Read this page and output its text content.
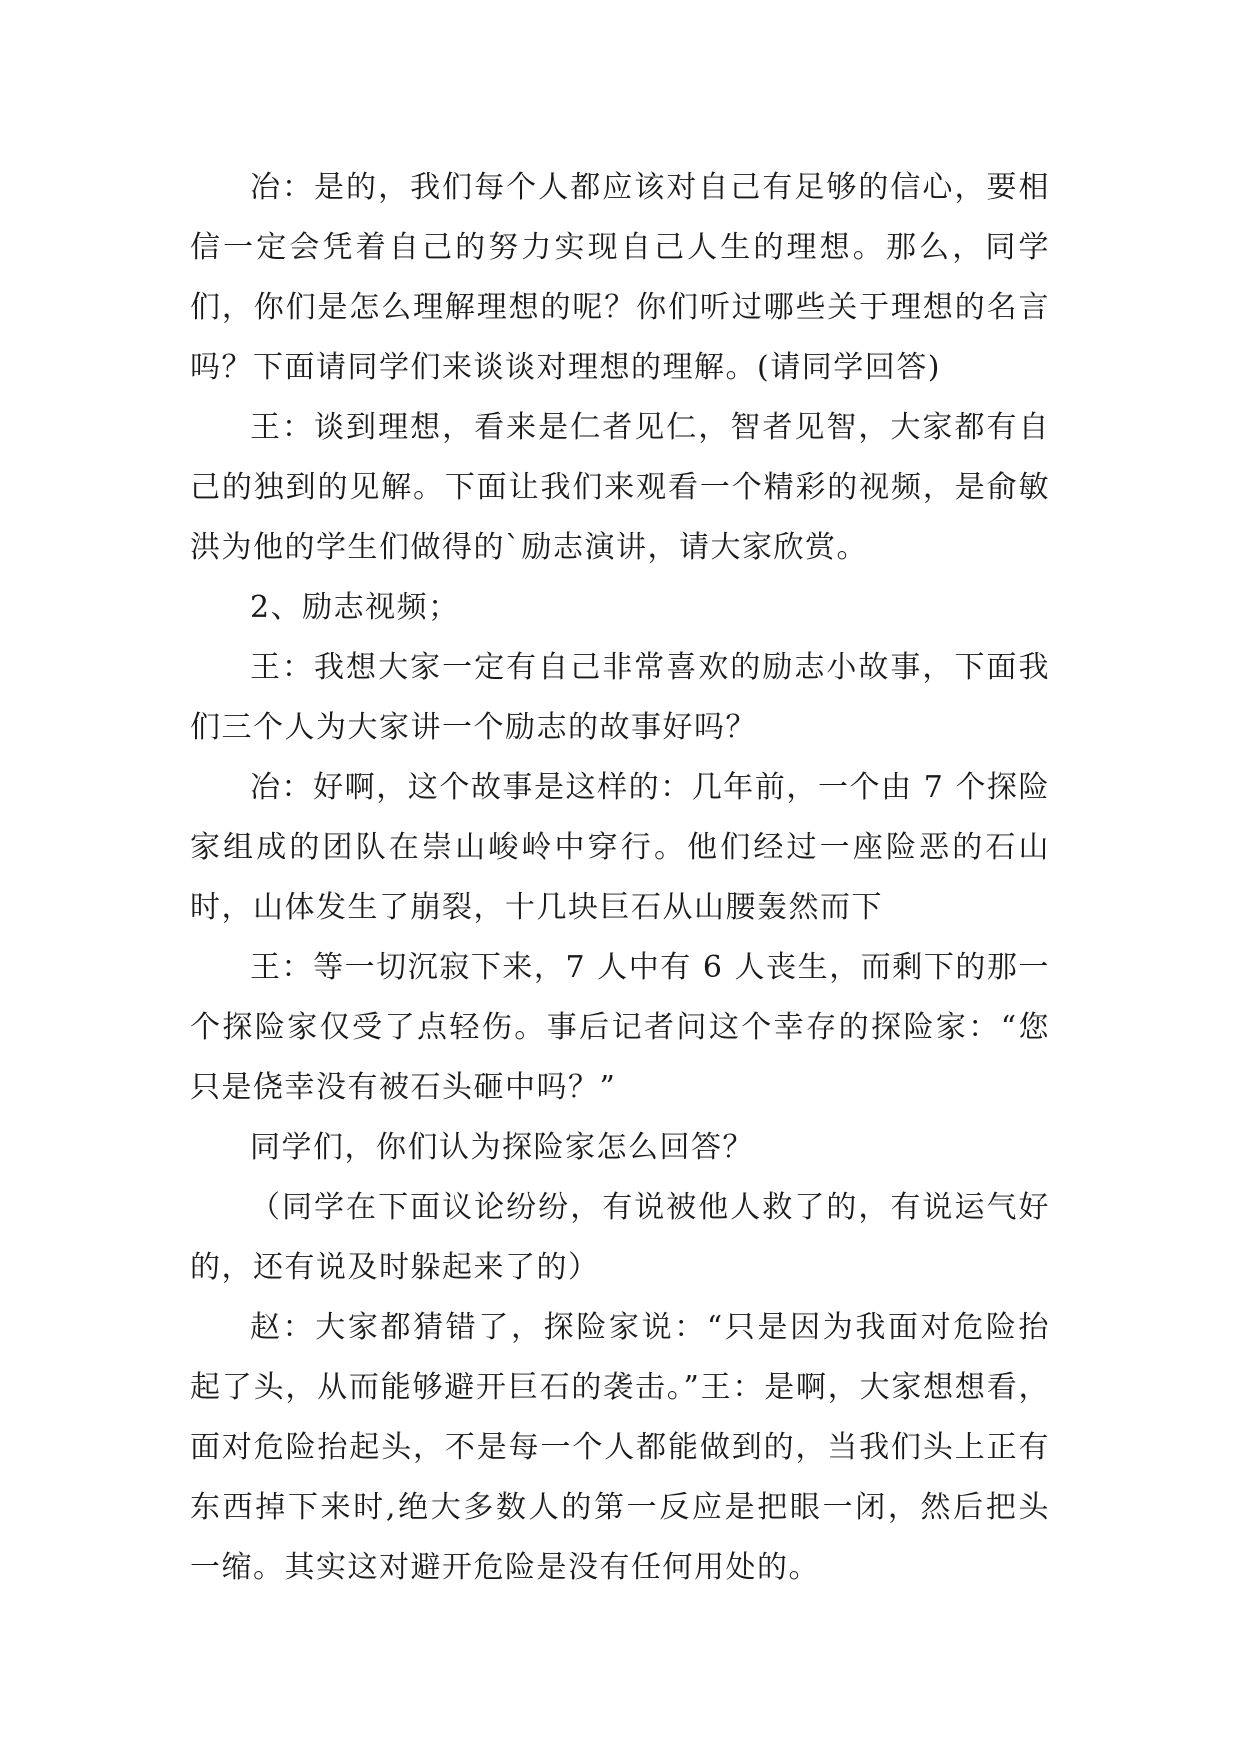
冶：是的，我们每个人都应该对自己有足够的信心，要相信一定会凭着自己的努力实现自己人生的理想。那么，同学们，你们是怎么理解理想的呢？你们听过哪些关于理想的名言吗？下面请同学们来谈谈对理想的理解。(请同学回答)

王：谈到理想，看来是仁者见仁，智者见智，大家都有自己的独到的见解。下面让我们来观看一个精彩的视频，是俞敏洪为他的学生们做得的`励志演讲，请大家欣赏。

2、励志视频；

王：我想大家一定有自己非常喜欢的励志小故事，下面我们三个人为大家讲一个励志的故事好吗？

冶：好啊，这个故事是这样的：几年前，一个由 7 个探险家组成的团队在崇山峻岭中穿行。他们经过一座险恶的石山时，山体发生了崩裂，十几块巨石从山腰轰然而下

王：等一切沉寂下来，7 人中有 6 人丧生，而剩下的那一个探险家仅受了点轻伤。事后记者问这个幸存的探险家：“您只是侥幸没有被石头砸中吗？”

同学们，你们认为探险家怎么回答？

（同学在下面议论纷纷，有说被他人救了的，有说运气好的，还有说及时躲起来了的）

赵：大家都猜错了，探险家说：“只是因为我面对危险抬起了头，从而能够避开巨石的袭击。”王：是啊，大家想想看，面对危险抬起头，不是每一个人都能做到的，当我们头上正有东西掉下来时,绝大多数人的第一反应是把眼一闭，然后把头一缩。其实这对避开危险是没有任何用处的。
